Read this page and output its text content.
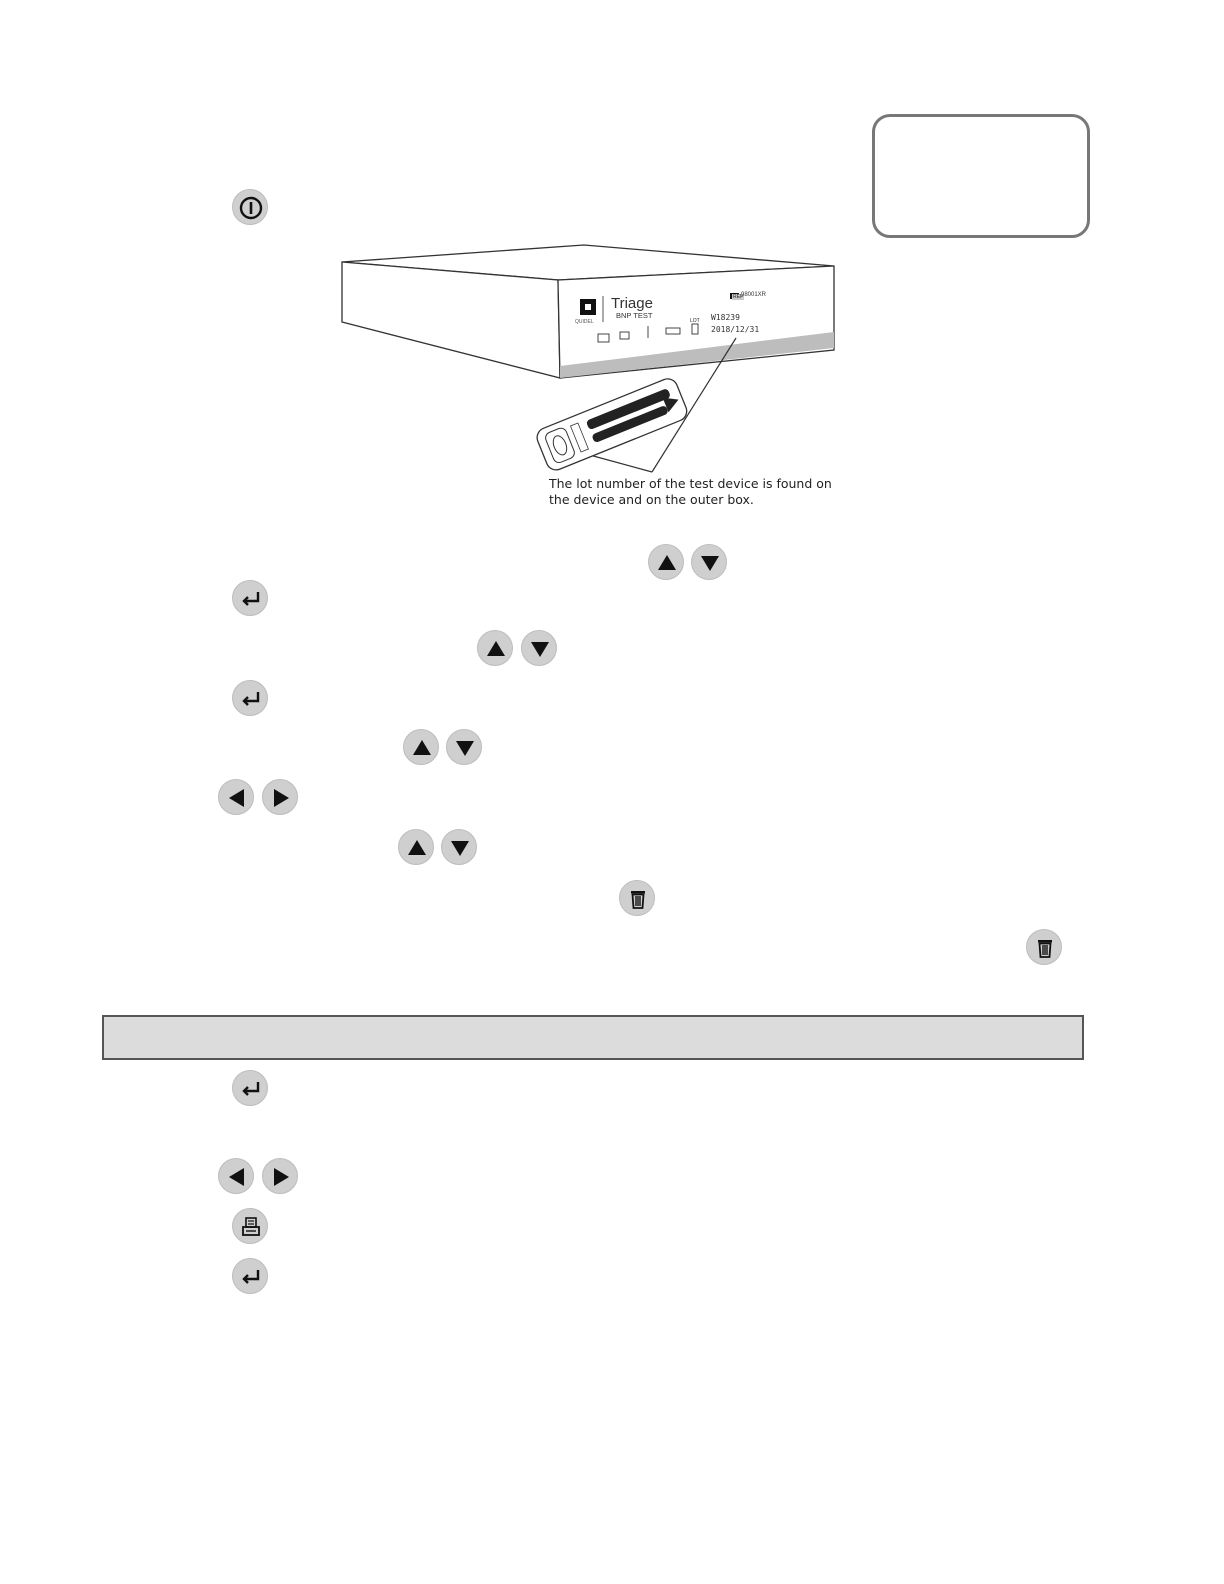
Triage
BNP TEST
QUIDEL
REF
98001XR
LOT W18239
2018/12/31
The lot number of the test device is found on the device and on the outer box.
